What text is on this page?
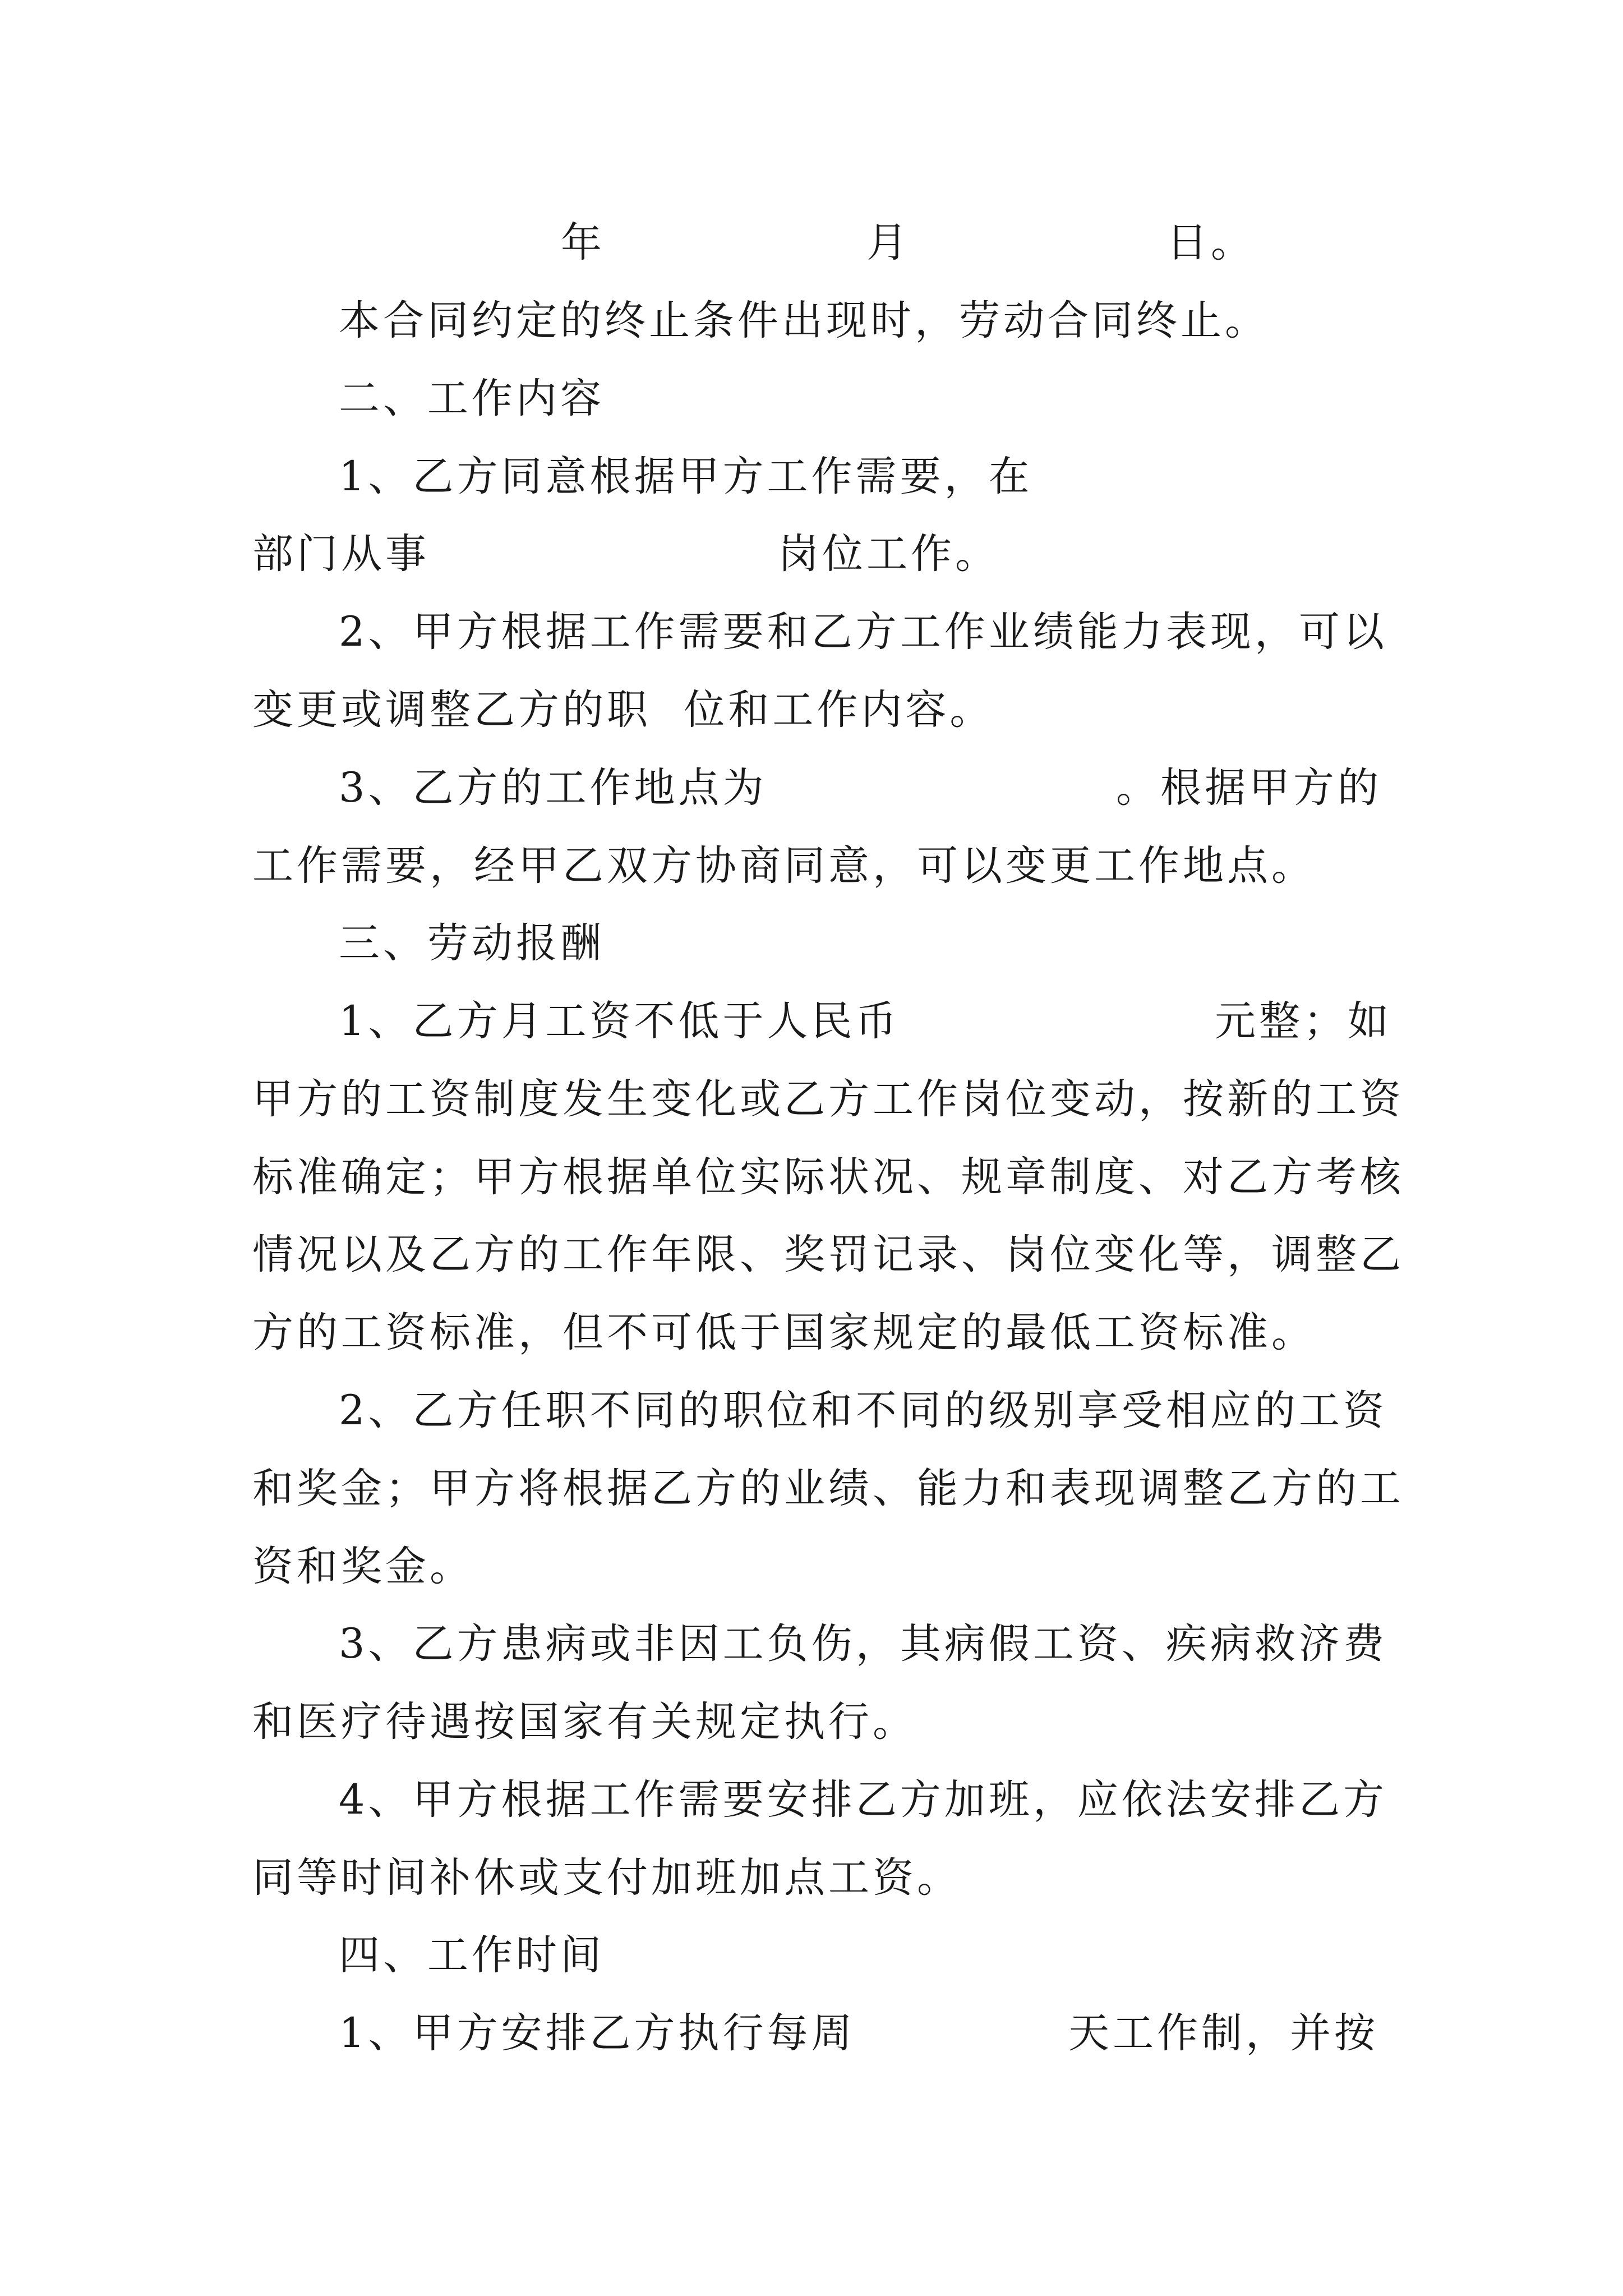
年	月	日。
本合同约定的终止条件出现时，劳动合同终止。
二、工作内容
1、乙方同意根据甲方工作需要，在
部门从事	岗位工作。
2、甲方根据工作需要和乙方工作业绩能力表现，可以
变更或调整乙方的职  位和工作内容。
3、乙方的工作地点为	。根据甲方的
工作需要，经甲乙双方协商同意，可以变更工作地点。
三、劳动报酬
1、乙方月工资不低于人民币	元整；如
甲方的工资制度发生变化或乙方工作岗位变动，按新的工资
标准确定；甲方根据单位实际状况、规章制度、对乙方考核
情况以及乙方的工作年限、奖罚记录、岗位变化等，调整乙
方的工资标准，但不可低于国家规定的最低工资标准。
2、乙方任职不同的职位和不同的级别享受相应的工资
和奖金；甲方将根据乙方的业绩、能力和表现调整乙方的工
资和奖金。
3、乙方患病或非因工负伤，其病假工资、疾病救济费
和医疗待遇按国家有关规定执行。
4、甲方根据工作需要安排乙方加班，应依法安排乙方
同等时间补休或支付加班加点工资。
四、工作时间
1、甲方安排乙方执行每周	天工作制，并按
